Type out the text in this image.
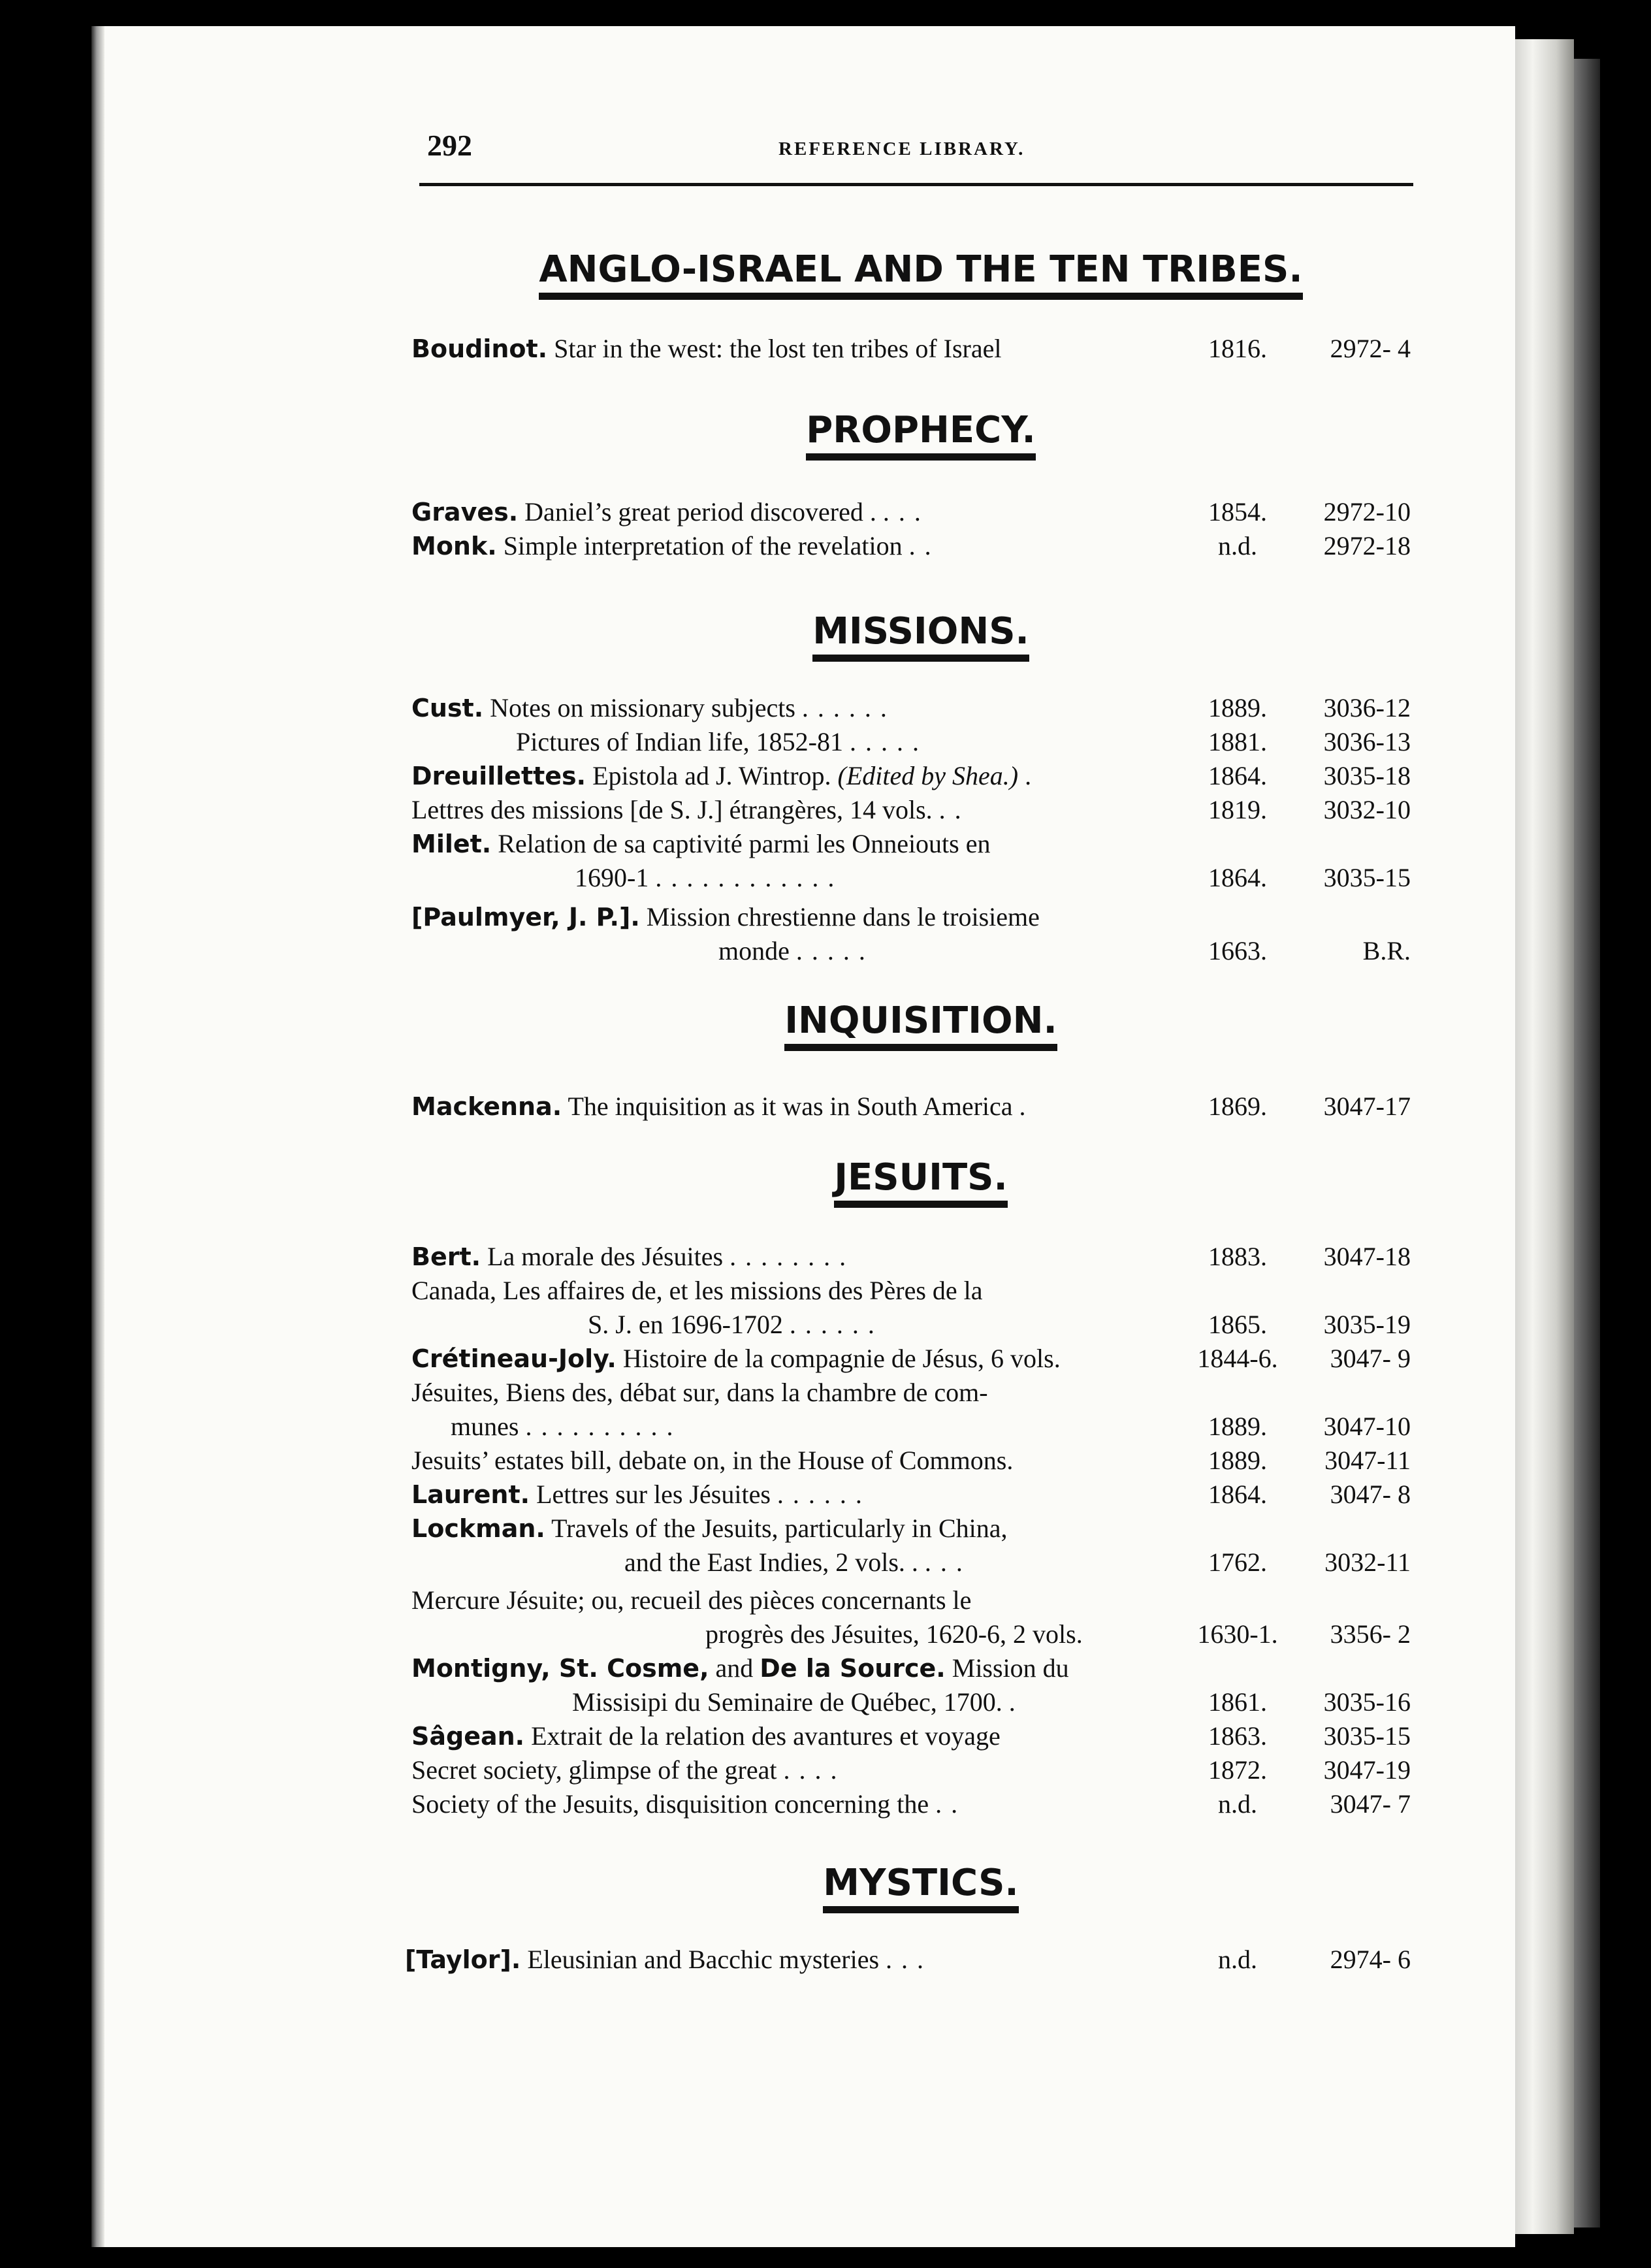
292	REFERENCE LIBRARY.
ANGLO-ISRAEL AND THE TEN TRIBES.
Boudinot. Star in the west: the lost ten tribes of Israel	1816.	2972- 4
PROPHECY.
Graves. Daniel’s great period discovered . . . .	1854.	2972-10
Monk. Simple interpretation of the revelation . .	n.d.	2972-18
MISSIONS.
Cust. Notes on missionary subjects . . . . . .	1889.	3036-12
Pictures of Indian life, 1852-81 . . . . .	1881.	3036-13
Dreuillettes. Epistola ad J. Wintrop. (Edited by Shea.) .	1864.	3035-18
Lettres des missions [de S. J.] étrangères, 14 vols. . .	1819.	3032-10
Milet. Relation de sa captivité parmi les Onneiouts en
1690-1 . . . . . . . . . . . .	1864.	3035-15
[Paulmyer, J. P.]. Mission chrestienne dans le troisieme
monde . . . . .	1663.	B.R.
INQUISITION.
Mackenna. The inquisition as it was in South America .	1869.	3047-17
JESUITS.
Bert. La morale des Jésuites . . . . . . . .	1883.	3047-18
Canada, Les affaires de, et les missions des Pères de la
S. J. en 1696-1702 . . . . . .	1865.	3035-19
Crétineau-Joly. Histoire de la compagnie de Jésus, 6 vols.	1844-6.	3047- 9
Jésuites, Biens des, débat sur, dans la chambre de com-
munes . . . . . . . . . .	1889.	3047-10
Jesuits’ estates bill, debate on, in the House of Commons.	1889.	3047-11
Laurent. Lettres sur les Jésuites . . . . . .	1864.	3047- 8
Lockman. Travels of the Jesuits, particularly in China,
and the East Indies, 2 vols. . . . .	1762.	3032-11
Mercure Jésuite; ou, recueil des pièces concernants le
progrès des Jésuites, 1620-6, 2 vols.	1630-1.	3356- 2
Montigny, St. Cosme, and De la Source. Mission du
Missisipi du Seminaire de Québec, 1700. .	1861.	3035-16
Sâgean. Extrait de la relation des avantures et voyage	1863.	3035-15
Secret society, glimpse of the great . . . .	1872.	3047-19
Society of the Jesuits, disquisition concerning the . .	n.d.	3047- 7
MYSTICS.
[Taylor]. Eleusinian and Bacchic mysteries . . .	n.d.	2974- 6
